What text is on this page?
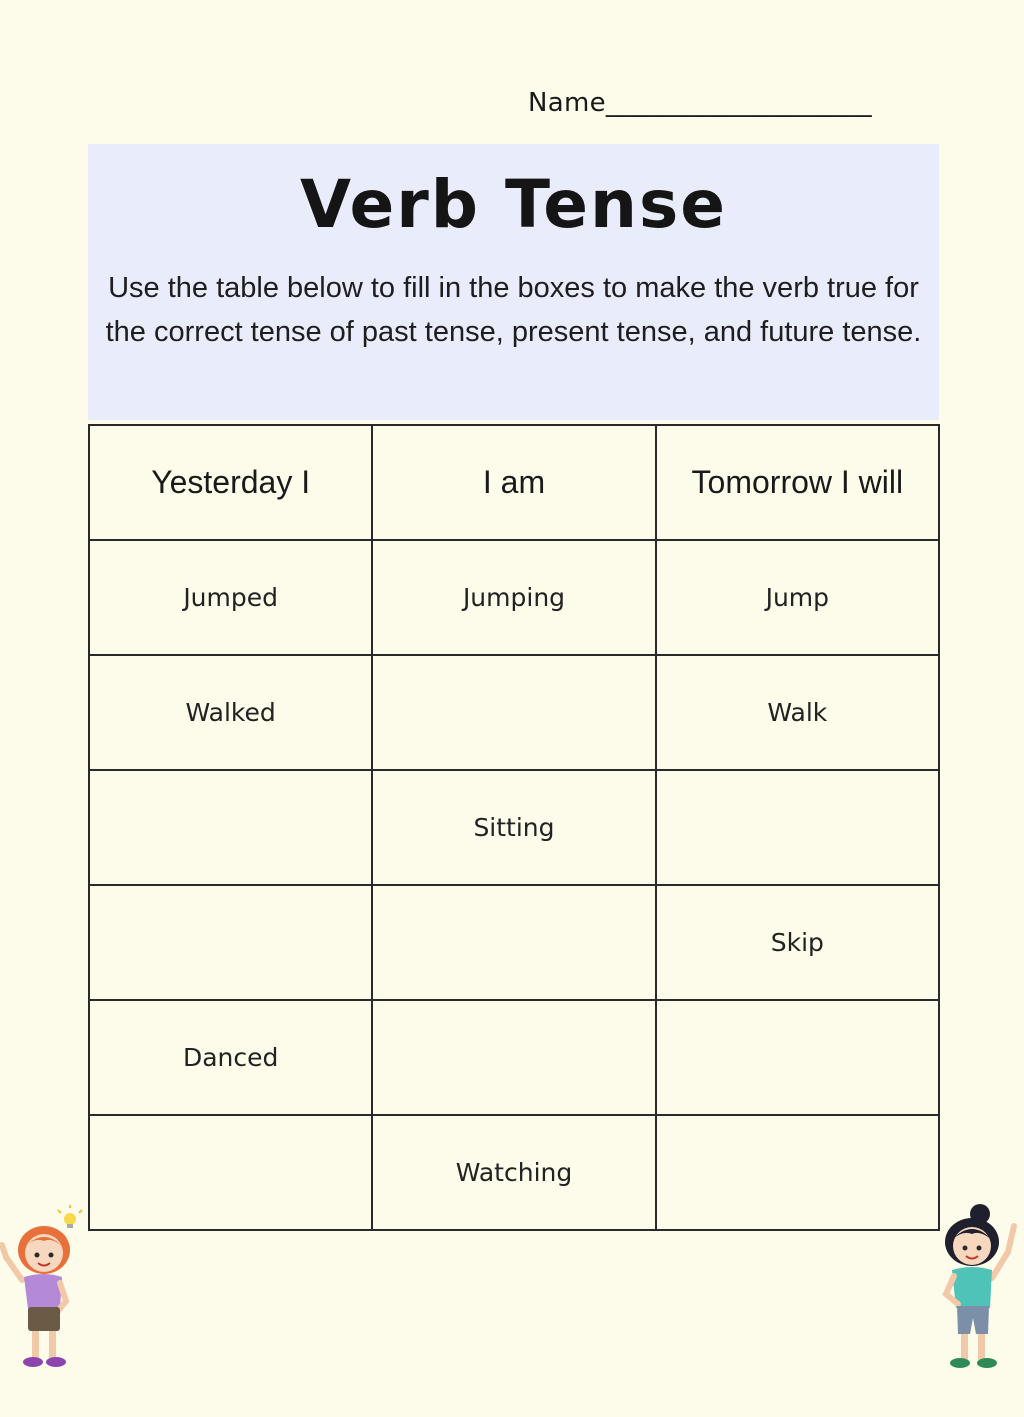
Name____________________
Verb Tense
Use the table below to fill in the boxes to make the verb true for the correct tense of past tense, present tense, and future tense.
Yesterday I	I am	Tomorrow I will
Jumped	Jumping	Jump
Walked		Walk
	Sitting	
		Skip
Danced		
	Watching	
